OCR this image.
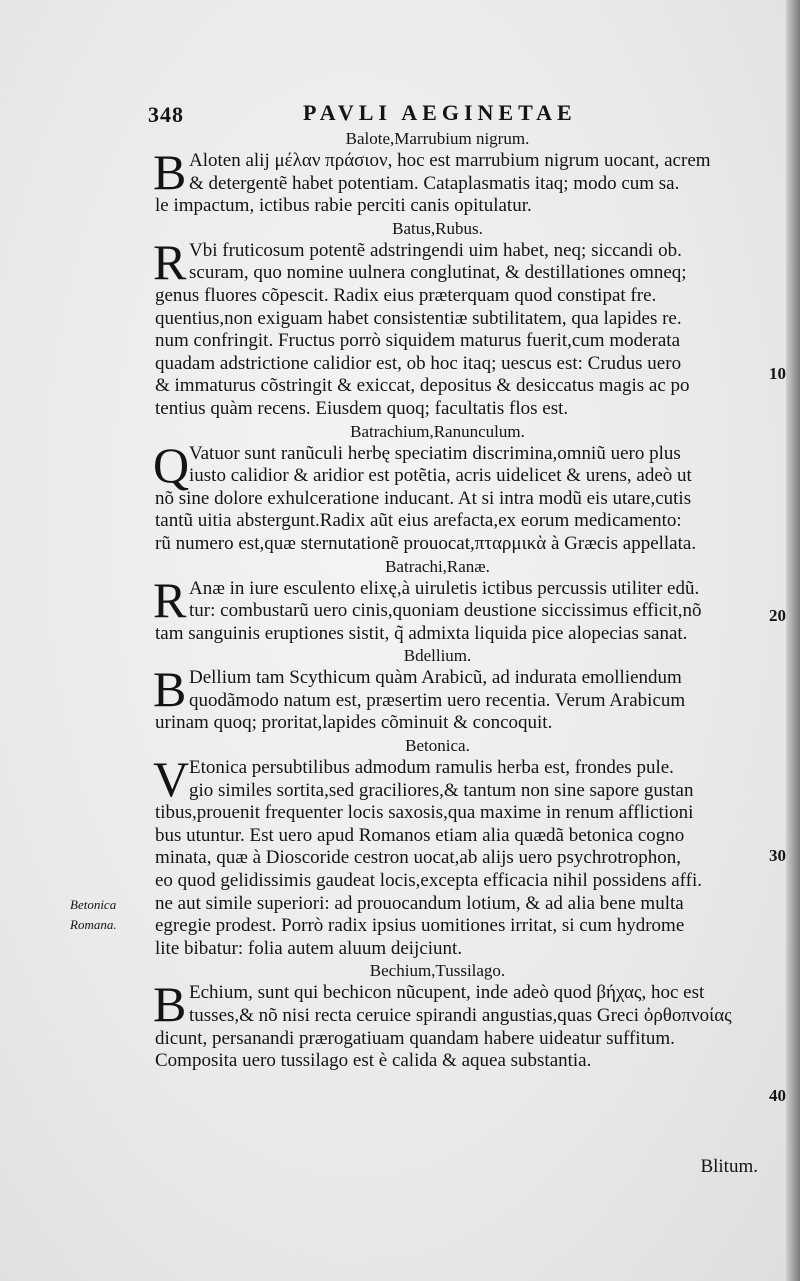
348	PAVLI AEGINETAE
Balote,Marrubium nigrum.
B Aloten alij μέλαν πράσιον, hoc est marrubium nigrum uocant, acrem
& detergentẽ habet potentiam. Cataplasmatis itaq; modo cum sa.
le impactum, ictibus rabie perciti canis opitulatur.
Batus,Rubus.
R Vbi fruticosum potentẽ adstringendi uim habet, neq; siccandi ob.
scuram, quo nomine uulnera conglutinat, & destillationes omneq;
genus fluores cõpescit. Radix eius præterquam quod constipat fre.
quentius,non exiguam habet consistentiæ subtilitatem, qua lapides re.
num confringit. Fructus porrò siquidem maturus fuerit,cum moderata
quadam adstrictione calidior est, ob hoc itaq; uescus est: Crudus uero
& immaturus cõstringit & exiccat, depositus & desiccatus magis ac po
tentius quàm recens. Eiusdem quoq; facultatis flos est.
Batrachium,Ranunculum.
Q Vatuor sunt ranũculi herbę speciatim discrimina,omniũ uero plus
iusto calidior & aridior est potẽtia, acris uidelicet & urens, adeò ut
nõ sine dolore exhulceratione inducant. At si intra modũ eis utare,cutis
tantũ uitia abstergunt.Radix aũt eius arefacta,ex eorum medicamento:
rũ numero est,quæ sternutationẽ prouocat,πταρμικὰ à Græcis appellata.
Batrachi,Ranæ.
R Anæ in iure esculento elixę,à uiruletis ictibus percussis utiliter edũ.
tur: combustarũ uero cinis,quoniam deustione siccissimus efficit,nõ
tam sanguinis eruptiones sistit, q̃ admixta liquida pice alopecias sanat.
Bdellium.
B Dellium tam Scythicum quàm Arabicũ, ad indurata emolliendum
quodãmodo natum est, præsertim uero recentia. Verum Arabicum
urinam quoq; proritat,lapides cõminuit & concoquit.
Betonica.
V Etonica persubtilibus admodum ramulis herba est, frondes pule.
gio similes sortita,sed graciliores,& tantum non sine sapore gustan
tibus,prouenit frequenter locis saxosis,qua maxime in renum afflictioni
bus utuntur. Est uero apud Romanos etiam alia quædã betonica cogno
minata, quæ à Dioscoride cestron uocat,ab alijs uero psychrotrophon,
eo quod gelidissimis gaudeat locis,excepta efficacia nihil possidens affi.
ne aut simile superiori: ad prouocandum lotium, & ad alia bene multa
egregie prodest. Porrò radix ipsius uomitiones irritat, si cum hydrome
lite bibatur: folia autem aluum deijciunt.
Bechium,Tussilago.
B Echium, sunt qui bechicon nũcupent, inde adeò quod βήχας, hoc est
tusses,& nõ nisi recta ceruice spirandi angustias,quas Greci ὀρθοπνοίας
dicunt, persanandi prærogatiuam quandam habere uideatur suffitum.
Composita uero tussilago est è calida & aquea substantia.
10
20
30
40
Betonica Romana.
Blitum.
